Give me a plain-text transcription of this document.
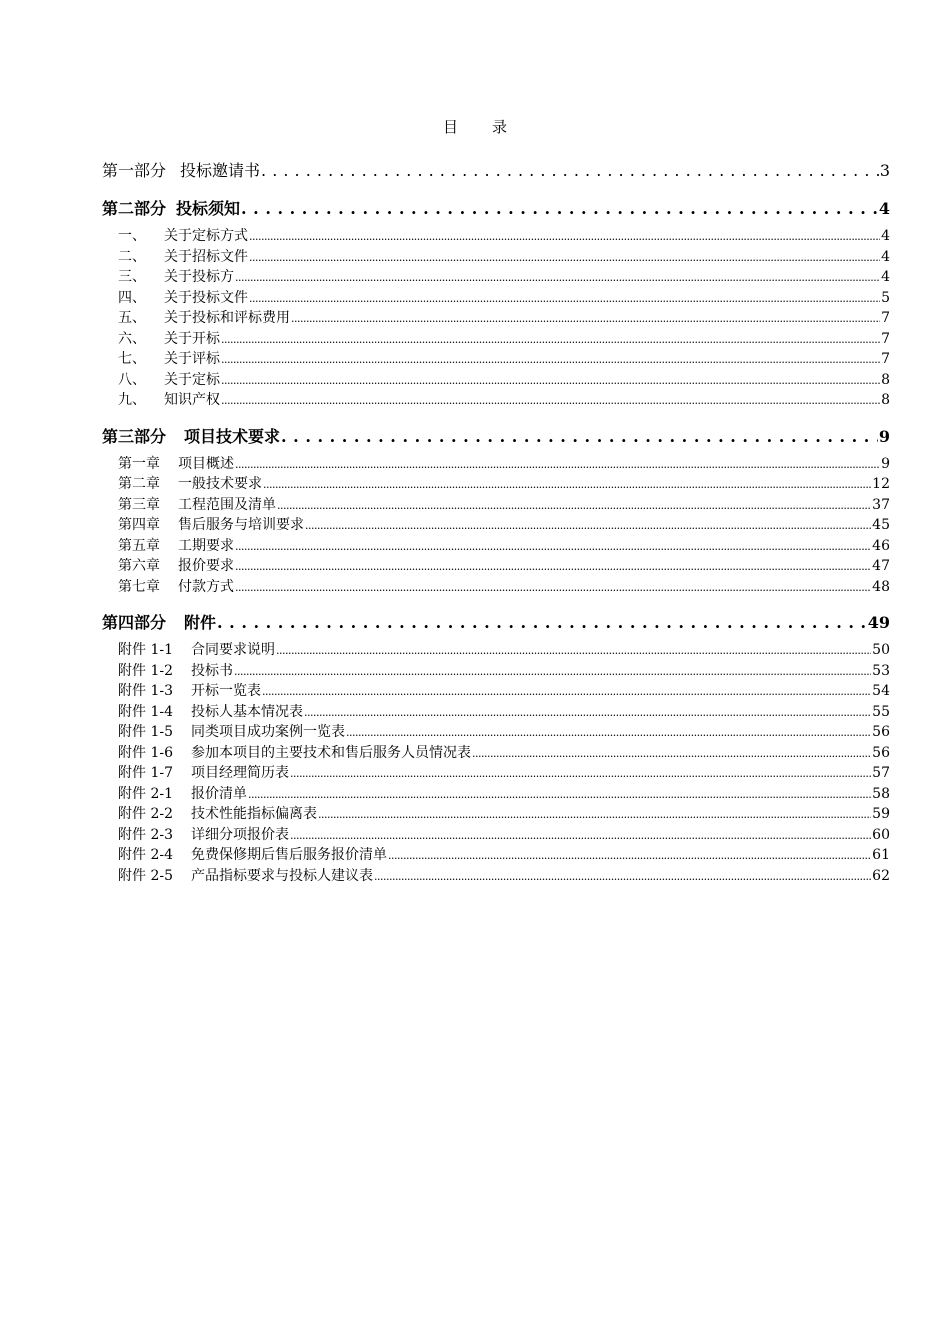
目 录
第一部分 投标邀请书 . . .	3
第二部分 投标须知 . . .	4
一、 关于定标方式 .....	4
二、 关于招标文件 .....	4
三、 关于投标方 .....	4
四、 关于投标文件 .....	5
五、 关于投标和评标费用 .....	7
六、 关于开标 .....	7
七、 关于评标 .....	7
八、 关于定标 .....	8
九、 知识产权 .....	8
第三部分 项目技术要求 . . .	9
第一章 项目概述 .....	9
第二章 一般技术要求 .....	12
第三章 工程范围及清单 .....	37
第四章 售后服务与培训要求 .....	45
第五章 工期要求 .....	46
第六章 报价要求 .....	47
第七章 付款方式 .....	48
第四部分 附件 . . .	49
附件 1-1 合同要求说明 .....	50
附件 1-2 投标书 .....	53
附件 1-3 开标一览表 .....	54
附件 1-4 投标人基本情况表 .....	55
附件 1-5 同类项目成功案例一览表 .....	56
附件 1-6 参加本项目的主要技术和售后服务人员情况表 .....	56
附件 1-7 项目经理简历表 .....	57
附件 2-1 报价清单 .....	58
附件 2-2 技术性能指标偏离表 .....	59
附件 2-3 详细分项报价表 .....	60
附件 2-4 免费保修期后售后服务报价清单 .....	61
附件 2-5 产品指标要求与投标人建议表 .....	62
